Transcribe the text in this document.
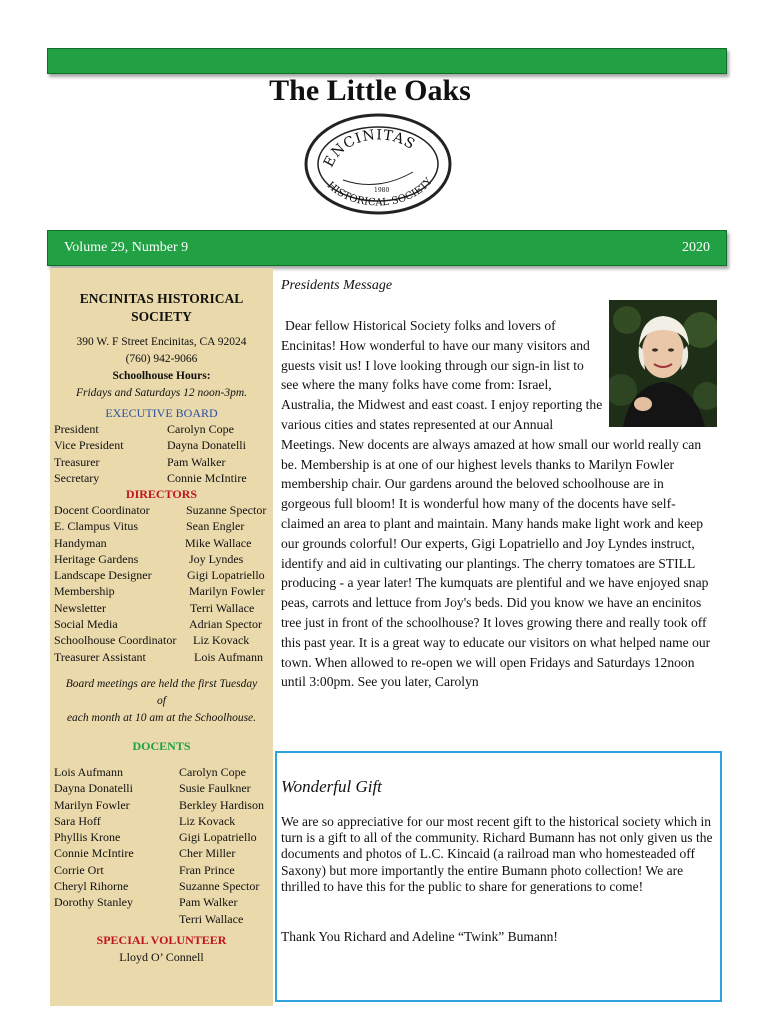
The Little Oaks
ENCINITAS
1980
HISTORICAL SOCIETY
Volume 29, Number 9	2020
ENCINITAS HISTORICAL
SOCIETY
390 W. F Street Encinitas, CA 92024
(760) 942-9066
Schoolhouse Hours:
Fridays and Saturdays 12 noon-3pm.
EXECUTIVE BOARD
President	Carolyn Cope
Vice President	Dayna Donatelli
Treasurer	Pam Walker
Secretary	Connie McIntire
DIRECTORS
Docent Coordinator	Suzanne Spector
E. Clampus Vitus	Sean Engler
Handyman	Mike Wallace
Heritage Gardens	Joy Lyndes
Landscape Designer	Gigi Lopatriello
Membership	Marilyn Fowler
Newsletter	Terri Wallace
Social Media	Adrian Spector
Schoolhouse Coordinator Liz Kovack
Treasurer Assistant	Lois Aufmann
Board meetings are held the first Tuesday
of
each month at 10 am at the Schoolhouse.
DOCENTS
Lois Aufmann
Dayna Donatelli
Marilyn Fowler
Sara Hoff
Phyllis Krone
Connie McIntire
Corrie Ort
Cheryl Rihorne
Dorothy Stanley
Carolyn Cope
Susie Faulkner
Berkley Hardison
Liz Kovack
Gigi Lopatriello
Cher Miller
Fran Prince
Suzanne Spector
Pam Walker
Terri Wallace
SPECIAL VOLUNTEER
Lloyd O’ Connell
Presidents Message
Dear fellow Historical Society folks and lovers of Encinitas! How wonderful to have our many visitors and guests visit us! I love looking through our sign-in list to see where the many folks have come from: Israel, Australia, the Midwest and east coast. I enjoy reporting the various cities and states represented at our Annual Meetings. New docents are always amazed at how small our world really can be. Membership is at one of our highest levels thanks to Marilyn Fowler membership chair. Our gardens around the beloved schoolhouse are in gorgeous full bloom! It is wonderful how many of the docents have self-claimed an area to plant and maintain. Many hands make light work and keep our grounds colorful! Our experts, Gigi Lopatriello and Joy Lyndes instruct, identify and aid in cultivating our plantings. The cherry tomatoes are STILL producing - a year later! The kumquats are plentiful and we have enjoyed snap peas, carrots and lettuce from Joy's beds. Did you know we have an encinitos tree just in front of the schoolhouse? It loves growing there and really took off this past year. It is a great way to educate our visitors on what helped name our town. When allowed to re-open we will open Fridays and Saturdays 12noon until 3:00pm. See you later, Carolyn
Wonderful Gift
We are so appreciative for our most recent gift to the historical society which in turn is a gift to all of the community. Richard Bumann has not only given us the documents and photos of L.C. Kincaid (a railroad man who homesteaded off Saxony) but more importantly the entire Bumann photo collection! We are thrilled to have this for the public to share for generations to come!
Thank You Richard and Adeline “Twink” Bumann!
